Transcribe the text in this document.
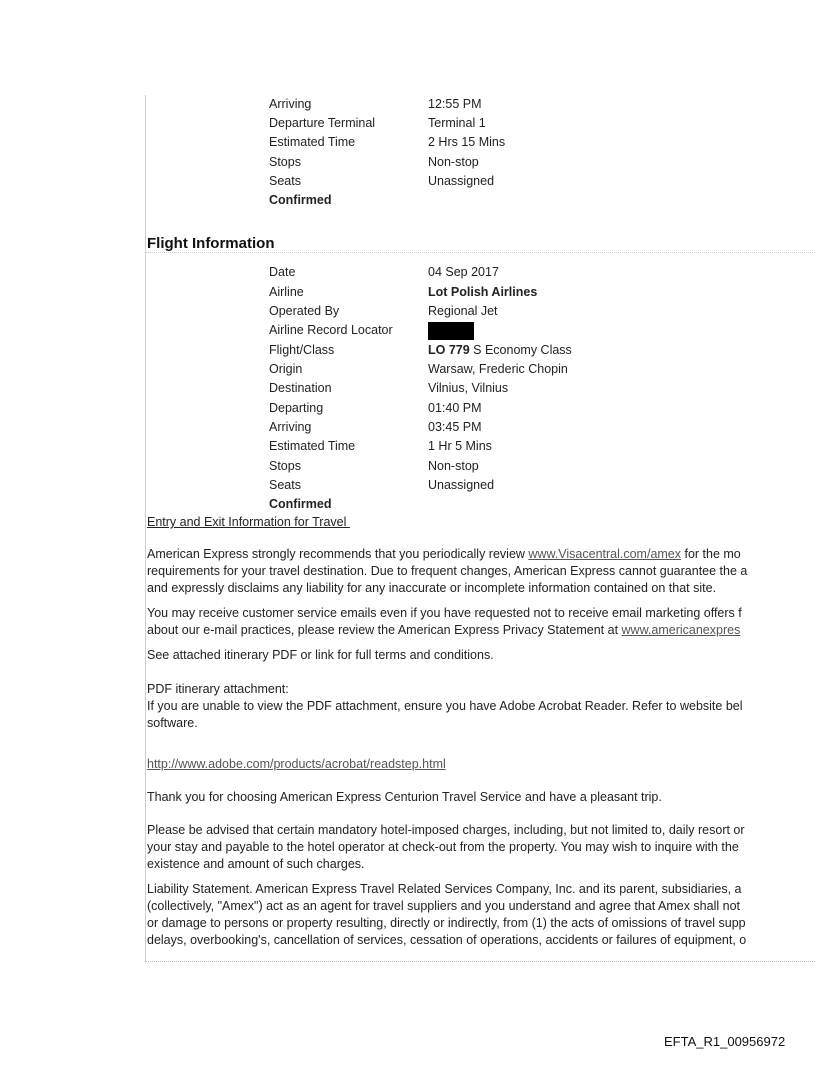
Arriving	12:55 PM
Departure Terminal	Terminal 1
Estimated Time	2 Hrs 15 Mins
Stops	Non-stop
Seats	Unassigned
Confirmed
Flight Information
Date	04 Sep 2017
Airline	Lot Polish Airlines
Operated By	Regional Jet
Airline Record Locator
Flight/Class	LO 779 S Economy Class
Origin	Warsaw, Frederic Chopin
Destination	Vilnius, Vilnius
Departing	01:40 PM
Arriving	03:45 PM
Estimated Time	1 Hr 5 Mins
Stops	Non-stop
Seats	Unassigned
Confirmed
Entry and Exit Information for Travel
American Express strongly recommends that you periodically review www.Visacentral.com/amex for the mo
requirements for your travel destination. Due to frequent changes, American Express cannot guarantee the a
and expressly disclaims any liability for any inaccurate or incomplete information contained on that site.
You may receive customer service emails even if you have requested not to receive email marketing offers f
about our e-mail practices, please review the American Express Privacy Statement at www.americanexpres
See attached itinerary PDF or link for full terms and conditions.
PDF itinerary attachment:
If you are unable to view the PDF attachment, ensure you have Adobe Acrobat Reader. Refer to website bel
software.
http://www.adobe.com/products/acrobat/readstep.html
Thank you for choosing American Express Centurion Travel Service and have a pleasant trip.
Please be advised that certain mandatory hotel-imposed charges, including, but not limited to, daily resort or
your stay and payable to the hotel operator at check-out from the property. You may wish to inquire with the
existence and amount of such charges.
Liability Statement. American Express Travel Related Services Company, Inc. and its parent, subsidiaries, a
(collectively, "Amex") act as an agent for travel suppliers and you understand and agree that Amex shall not
or damage to persons or property resulting, directly or indirectly, from (1) the acts of omissions of travel supp
delays, overbooking's, cancellation of services, cessation of operations, accidents or failures of equipment, o
EFTA_R1_00956972
